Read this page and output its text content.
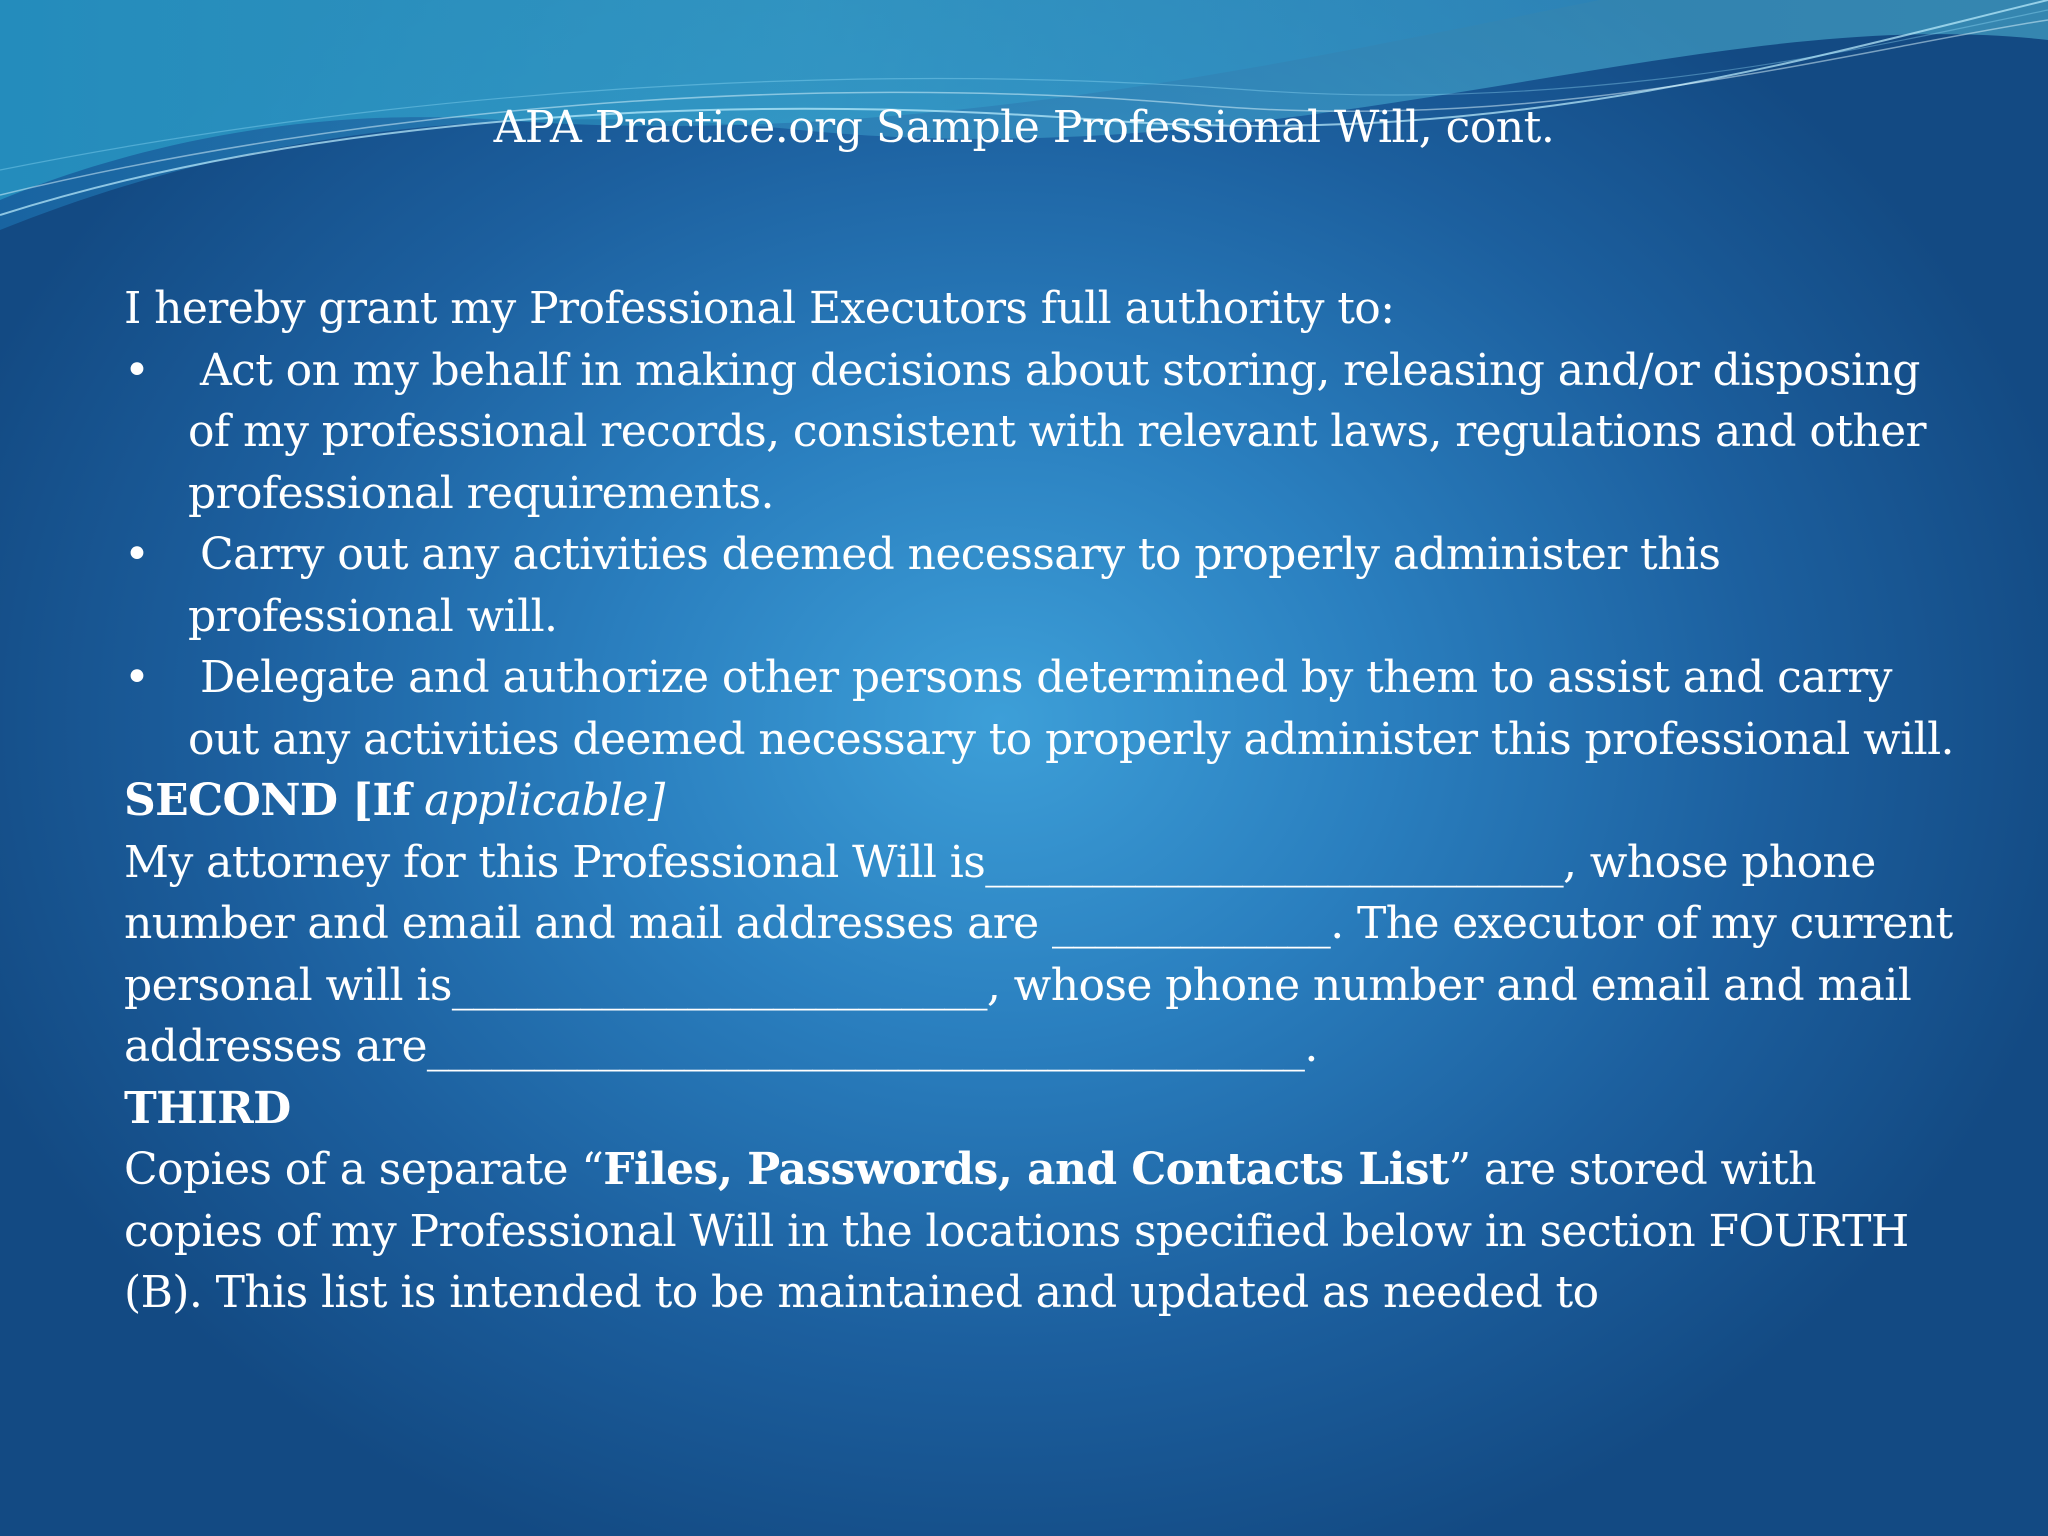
APA Practice.org Sample Professional Will, cont.

I hereby grant my Professional Executors full authority to:

•	Act on my behalf in making decisions about storing, releasing and/or disposing of my professional records, consistent with relevant laws, regulations and other professional requirements.
•	Carry out any activities deemed necessary to properly administer this professional will.
•	Delegate and authorize other persons determined by them to assist and carry out any activities deemed necessary to properly administer this professional will.

SECOND [If applicable]

My attorney for this Professional Will is___________________________, whose phone number and email and mail addresses are _____________. The executor of my current personal will is_________________________, whose phone number and email and mail addresses are_________________________________________.

THIRD

Copies of a separate “Files, Passwords, and Contacts List” are stored with copies of my Professional Will in the locations specified below in section FOURTH (B). This list is intended to be maintained and updated as needed to
